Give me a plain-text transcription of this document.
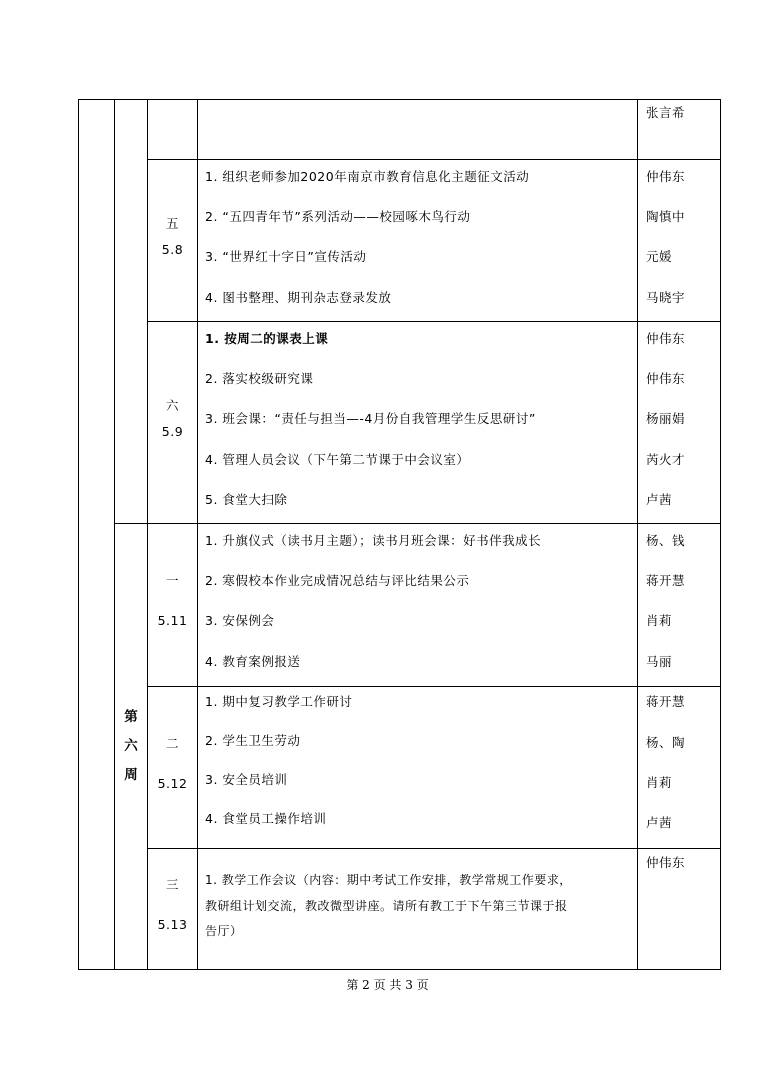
张言希
五
5.8
1. 组织老师参加2020年南京市教育信息化主题征文活动
2. “五四青年节”系列活动——校园啄木鸟行动
3. “世界红十字日”宣传活动
4. 图书整理、期刊杂志登录发放
仲伟东
陶慎中
元媛
马晓宇
六
5.9
1. 按周二的课表上课
2. 落实校级研究课
3. 班会课：“责任与担当—-4月份自我管理学生反思研讨”
4. 管理人员会议（下午第二节课于中会议室）
5. 食堂大扫除
仲伟东
仲伟东
杨丽娟
芮火才
卢茜
第
六
周
一
5.11
1. 升旗仪式（读书月主题）；读书月班会课：好书伴我成长
2. 寒假校本作业完成情况总结与评比结果公示
3. 安保例会
4. 教育案例报送
杨、钱
蒋开慧
肖莉
马丽
二
5.12
1. 期中复习教学工作研讨
2. 学生卫生劳动
3. 安全员培训
4. 食堂员工操作培训
蒋开慧
杨、陶
肖莉
卢茜
三
5.13
1. 教学工作会议（内容：期中考试工作安排，教学常规工作要求，
教研组计划交流，教改微型讲座。请所有教工于下午第三节课于报
告厅）
仲伟东
第 2 页 共 3 页
